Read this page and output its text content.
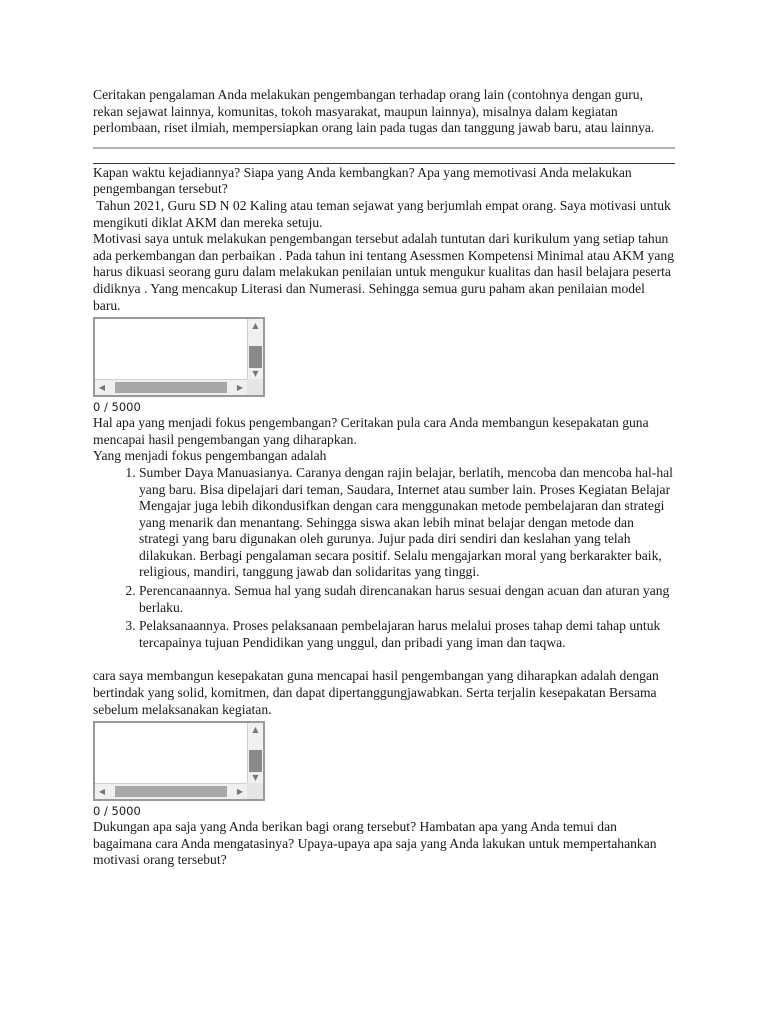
Ceritakan pengalaman Anda melakukan pengembangan terhadap orang lain (contohnya dengan guru, rekan sejawat lainnya, komunitas, tokoh masyarakat, maupun lainnya), misalnya dalam kegiatan perlombaan, riset ilmiah, mempersiapkan orang lain pada tugas dan tanggung jawab baru, atau lainnya.

Kapan waktu kejadiannya? Siapa yang Anda kembangkan? Apa yang memotivasi Anda melakukan pengembangan tersebut?

Tahun 2021, Guru SD N 02 Kaling atau teman sejawat yang berjumlah empat orang. Saya motivasi untuk mengikuti diklat AKM dan mereka setuju.

Motivasi saya untuk melakukan pengembangan tersebut adalah tuntutan dari kurikulum yang setiap tahun ada perkembangan dan perbaikan . Pada tahun ini tentang Asessmen Kompetensi Minimal atau AKM yang harus dikuasi seorang guru dalam melakukan penilaian untuk mengukur kualitas dan hasil belajara peserta didiknya . Yang mencakup Literasi dan Numerasi. Sehingga semua guru paham akan penilaian model baru.

▲
▼
◀	▶
0 / 5000

Hal apa yang menjadi fokus pengembangan? Ceritakan pula cara Anda membangun kesepakatan guna mencapai hasil pengembangan yang diharapkan.

Yang menjadi fokus pengembangan adalah

1. Sumber Daya Manuasianya. Caranya dengan rajin belajar, berlatih, mencoba dan mencoba hal-hal yang baru. Bisa dipelajari dari teman, Saudara, Internet atau sumber lain. Proses Kegiatan Belajar Mengajar juga lebih dikondusifkan dengan cara menggunakan metode pembelajaran dan strategi yang menarik dan menantang. Sehingga siswa akan lebih minat belajar dengan metode dan strategi yang baru digunakan oleh gurunya. Jujur pada diri sendiri dan keslahan yang telah dilakukan. Berbagi pengalaman secara positif. Selalu mengajarkan moral yang berkarakter baik, religious, mandiri, tanggung jawab dan solidaritas yang tinggi.
2. Perencanaannya. Semua hal yang sudah direncanakan harus sesuai dengan acuan dan aturan yang berlaku.
3. Pelaksanaannya. Proses pelaksanaan pembelajaran harus melalui proses tahap demi tahap untuk tercapainya tujuan Pendidikan yang unggul, dan pribadi yang iman dan taqwa.

cara saya membangun kesepakatan guna mencapai hasil pengembangan yang diharapkan adalah dengan bertindak yang solid, komitmen, dan dapat dipertanggungjawabkan. Serta terjalin kesepakatan Bersama sebelum melaksanakan kegiatan.

▲
▼
◀	▶
0 / 5000

Dukungan apa saja yang Anda berikan bagi orang tersebut? Hambatan apa yang Anda temui dan bagaimana cara Anda mengatasinya? Upaya-upaya apa saja yang Anda lakukan untuk mempertahankan motivasi orang tersebut?
